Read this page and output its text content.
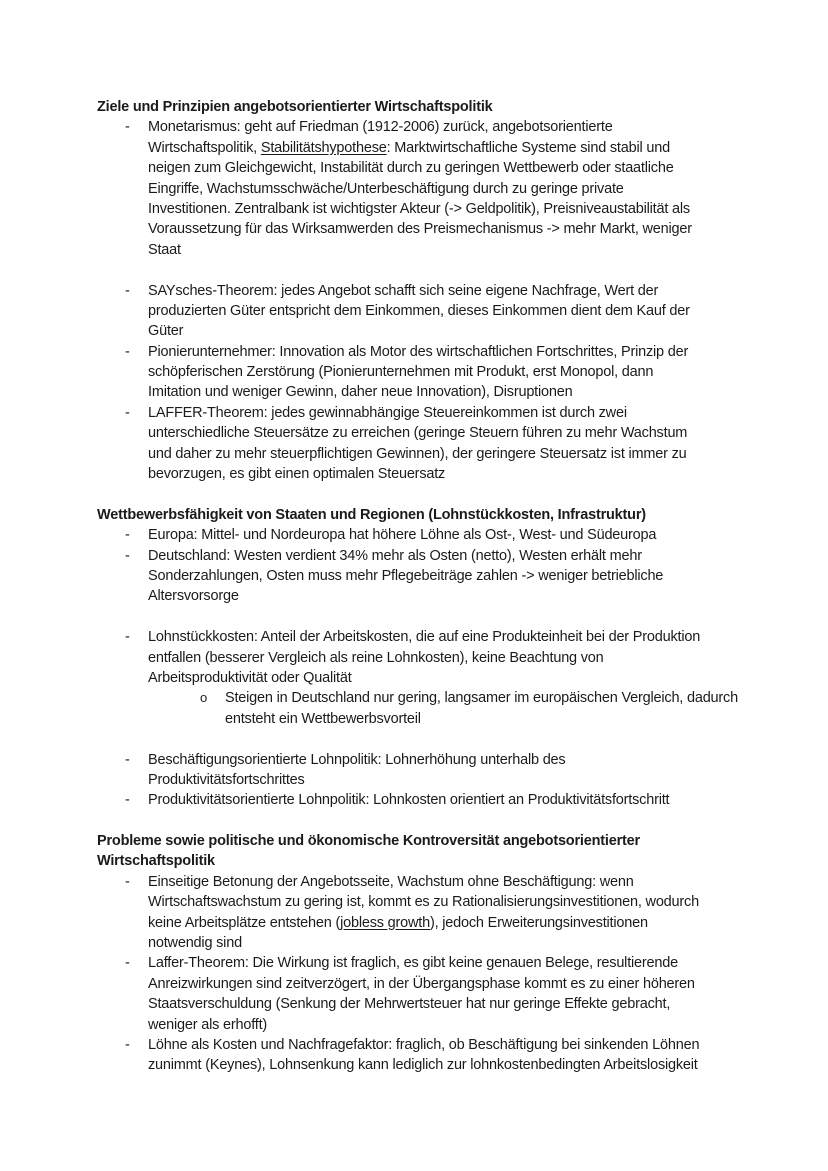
Ziele und Prinzipien angebotsorientierter Wirtschaftspolitik
-	Monetarismus: geht auf Friedman (1912-2006) zurück, angebotsorientierte
Wirtschaftspolitik, Stabilitätshypothese: Marktwirtschaftliche Systeme sind stabil und
neigen zum Gleichgewicht, Instabilität durch zu geringen Wettbewerb oder staatliche
Eingriffe, Wachstumsschwäche/Unterbeschäftigung durch zu geringe private
Investitionen. Zentralbank ist wichtigster Akteur (-> Geldpolitik), Preisniveaustabilität als
Voraussetzung für das Wirksamwerden des Preismechanismus -> mehr Markt, weniger
Staat
-	SAYsches-Theorem: jedes Angebot schafft sich seine eigene Nachfrage, Wert der
produzierten Güter entspricht dem Einkommen, dieses Einkommen dient dem Kauf der
Güter
-	Pionierunternehmer: Innovation als Motor des wirtschaftlichen Fortschrittes, Prinzip der
schöpferischen Zerstörung (Pionierunternehmen mit Produkt, erst Monopol, dann
Imitation und weniger Gewinn, daher neue Innovation), Disruptionen
-	LAFFER-Theorem: jedes gewinnabhängige Steuereinkommen ist durch zwei
unterschiedliche Steuersätze zu erreichen (geringe Steuern führen zu mehr Wachstum
und daher zu mehr steuerpflichtigen Gewinnen), der geringere Steuersatz ist immer zu
bevorzugen, es gibt einen optimalen Steuersatz
Wettbewerbsfähigkeit von Staaten und Regionen (Lohnstückkosten, Infrastruktur)
-	Europa: Mittel- und Nordeuropa hat höhere Löhne als Ost-, West- und Südeuropa
-	Deutschland: Westen verdient 34% mehr als Osten (netto), Westen erhält mehr
Sonderzahlungen, Osten muss mehr Pflegebeiträge zahlen -> weniger betriebliche
Altersvorsorge
-	Lohnstückkosten: Anteil der Arbeitskosten, die auf eine Produkteinheit bei der Produktion
entfallen (besserer Vergleich als reine Lohnkosten), keine Beachtung von
Arbeitsproduktivität oder Qualität
o	Steigen in Deutschland nur gering, langsamer im europäischen Vergleich, dadurch
entsteht ein Wettbewerbsvorteil
-	Beschäftigungsorientierte Lohnpolitik: Lohnerhöhung unterhalb des
Produktivitätsfortschrittes
-	Produktivitätsorientierte Lohnpolitik: Lohnkosten orientiert an Produktivitätsfortschritt
Probleme sowie politische und ökonomische Kontroversität angebotsorientierter
Wirtschaftspolitik
-	Einseitige Betonung der Angebotsseite, Wachstum ohne Beschäftigung: wenn
Wirtschaftswachstum zu gering ist, kommt es zu Rationalisierungsinvestitionen, wodurch
keine Arbeitsplätze entstehen (jobless growth), jedoch Erweiterungsinvestitionen
notwendig sind
-	Laffer-Theorem: Die Wirkung ist fraglich, es gibt keine genauen Belege, resultierende
Anreizwirkungen sind zeitverzögert, in der Übergangsphase kommt es zu einer höheren
Staatsverschuldung (Senkung der Mehrwertsteuer hat nur geringe Effekte gebracht,
weniger als erhofft)
-	Löhne als Kosten und Nachfragefaktor: fraglich, ob Beschäftigung bei sinkenden Löhnen
zunimmt (Keynes), Lohnsenkung kann lediglich zur lohnkostenbedingten Arbeitslosigkeit
